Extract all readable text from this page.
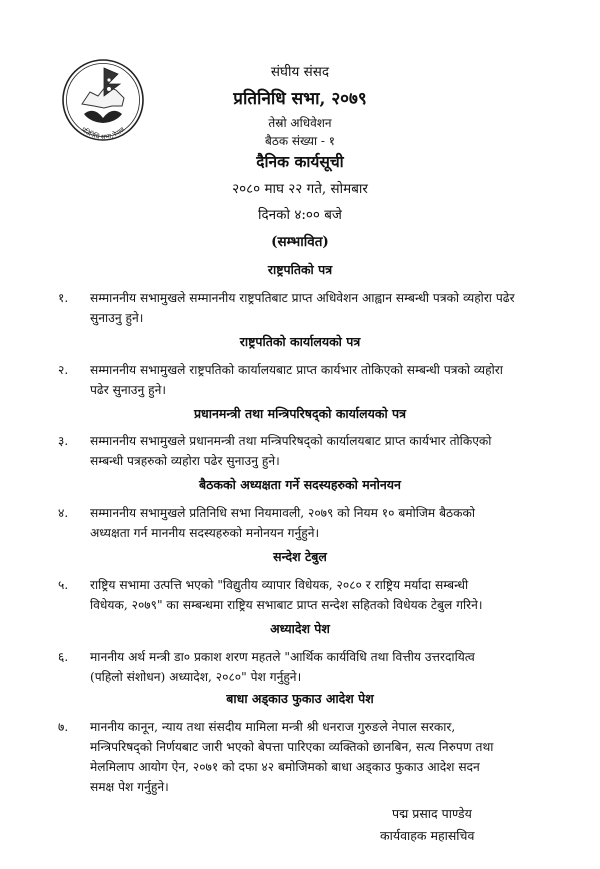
प्रतिनिधि सभा,नेपाल
संघीय संसद
प्रतिनिधि सभा, २०७९
तेस्रो अधिवेशन
बैठक संख्या - १
दैनिक कार्यसूची
२०८० माघ २२ गते, सोमबार
दिनको ४:०० बजे
(सम्भावित)
राष्ट्रपतिको पत्र
१.	सम्माननीय सभामुखले सम्माननीय राष्ट्रपतिबाट प्राप्त अधिवेशन आह्वान सम्बन्धी पत्रको व्यहोरा पढेर
सुनाउनु हुने।
राष्ट्रपतिको कार्यालयको पत्र
२.	सम्माननीय सभामुखले राष्ट्रपतिको कार्यालयबाट प्राप्त कार्यभार तोकिएको सम्बन्धी पत्रको व्यहोरा
पढेर सुनाउनु हुने।
प्रधानमन्त्री तथा मन्त्रिपरिषद्को कार्यालयको पत्र
३.	सम्माननीय सभामुखले प्रधानमन्त्री तथा मन्त्रिपरिषद्को कार्यालयबाट प्राप्त कार्यभार तोकिएको
सम्बन्धी पत्रहरुको व्यहोरा पढेर सुनाउनु हुने।
बैठकको अध्यक्षता गर्ने सदस्यहरुको मनोनयन
४.	सम्माननीय सभामुखले प्रतिनिधि सभा नियमावली, २०७९ को नियम १० बमोजिम बैठकको
अध्यक्षता गर्न माननीय सदस्यहरुको मनोनयन गर्नुहुने।
सन्देश टेबुल
५.	राष्ट्रिय सभामा उत्पत्ति भएको "विद्युतीय व्यापार विधेयक, २०८० र राष्ट्रिय मर्यादा सम्बन्धी
विधेयक, २०७९" का सम्बन्धमा राष्ट्रिय सभाबाट प्राप्त सन्देश सहितको विधेयक टेबुल गरिने।
अध्यादेश पेश
६.	माननीय अर्थ मन्त्री डा० प्रकाश शरण महतले "आर्थिक कार्यविधि तथा वित्तीय उत्तरदायित्व
(पहिलो संशोधन) अध्यादेश, २०८०" पेश गर्नुहुने।
बाधा अड्काउ फुकाउ आदेश पेश
७.	माननीय कानून, न्याय तथा संसदीय मामिला मन्त्री श्री धनराज गुरुङले नेपाल सरकार,
मन्त्रिपरिषद्को निर्णयबाट जारी भएको बेपत्ता पारिएका व्यक्तिको छानबिन, सत्य निरुपण तथा
मेलमिलाप आयोग ऐन, २०७१ को दफा ४२ बमोजिमको बाधा अड्काउ फुकाउ आदेश सदन
समक्ष पेश गर्नुहुने।
पद्म प्रसाद पाण्डेय
कार्यवाहक महासचिव
